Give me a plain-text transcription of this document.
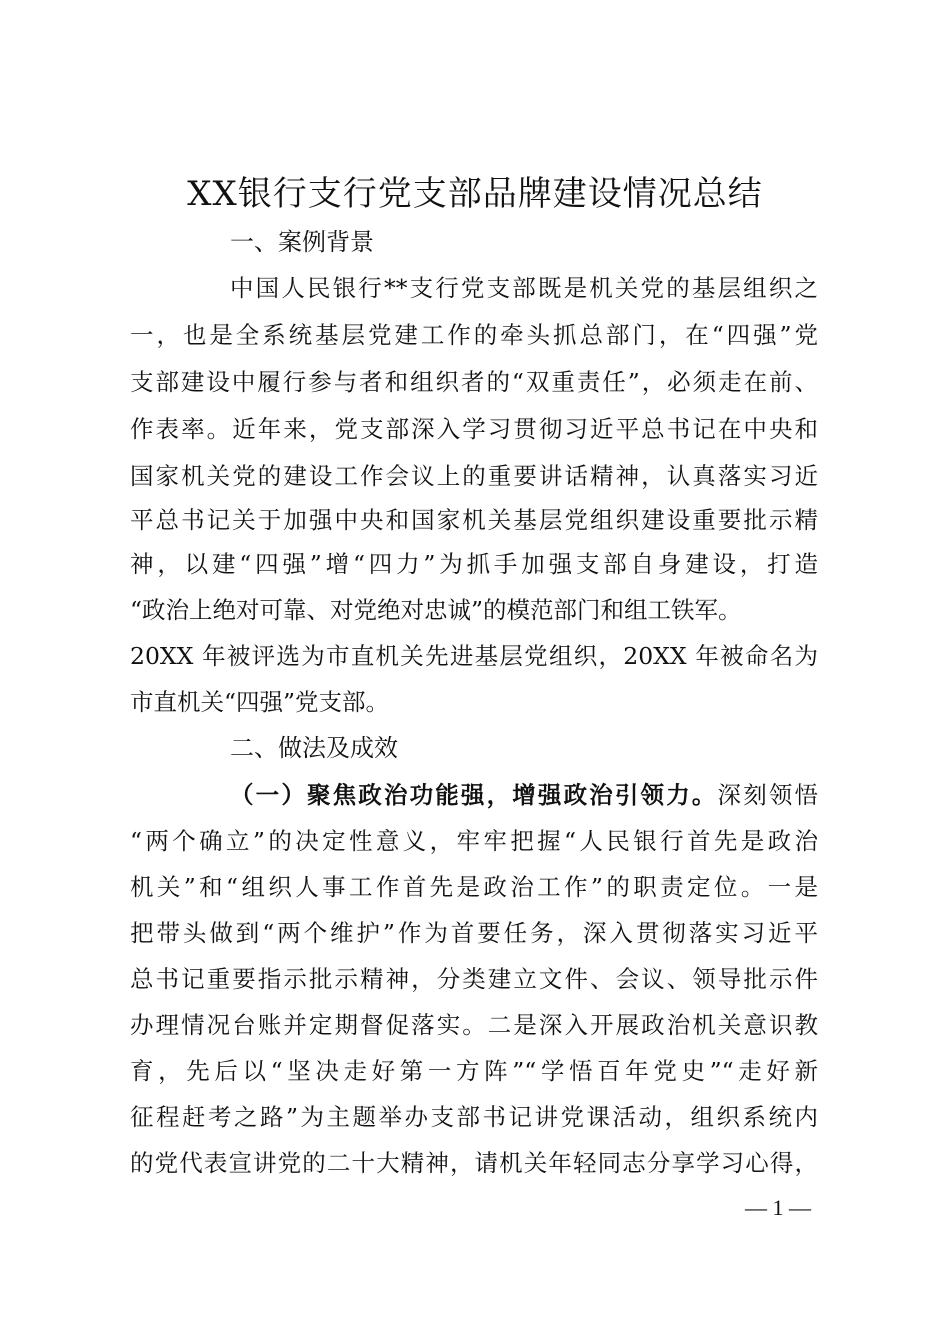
XX银行支行党支部品牌建设情况总结
一、案例背景
中国人民银行**支行党支部既是机关党的基层组织之
一，也是全系统基层党建工作的牵头抓总部门，在“四强”党
支部建设中履行参与者和组织者的“双重责任”，必须走在前、
作表率。近年来，党支部深入学习贯彻习近平总书记在中央和
国家机关党的建设工作会议上的重要讲话精神，认真落实习近
平总书记关于加强中央和国家机关基层党组织建设重要批示精
神，以建“四强”增“四力”为抓手加强支部自身建设，打造
“政治上绝对可靠、对党绝对忠诚”的模范部门和组工铁军。
20XX 年被评选为市直机关先进基层党组织，20XX 年被命名为
市直机关“四强”党支部。
二、做法及成效
（一）聚焦政治功能强，增强政治引领力。深刻领悟
“两个确立”的决定性意义，牢牢把握“人民银行首先是政治
机关”和“组织人事工作首先是政治工作”的职责定位。一是
把带头做到“两个维护”作为首要任务，深入贯彻落实习近平
总书记重要指示批示精神，分类建立文件、会议、领导批示件
办理情况台账并定期督促落实。二是深入开展政治机关意识教
育，先后以“坚决走好第一方阵”“学悟百年党史”“走好新
征程赶考之路”为主题举办支部书记讲党课活动，组织系统内
的党代表宣讲党的二十大精神，请机关年轻同志分享学习心得，
— 1 —
